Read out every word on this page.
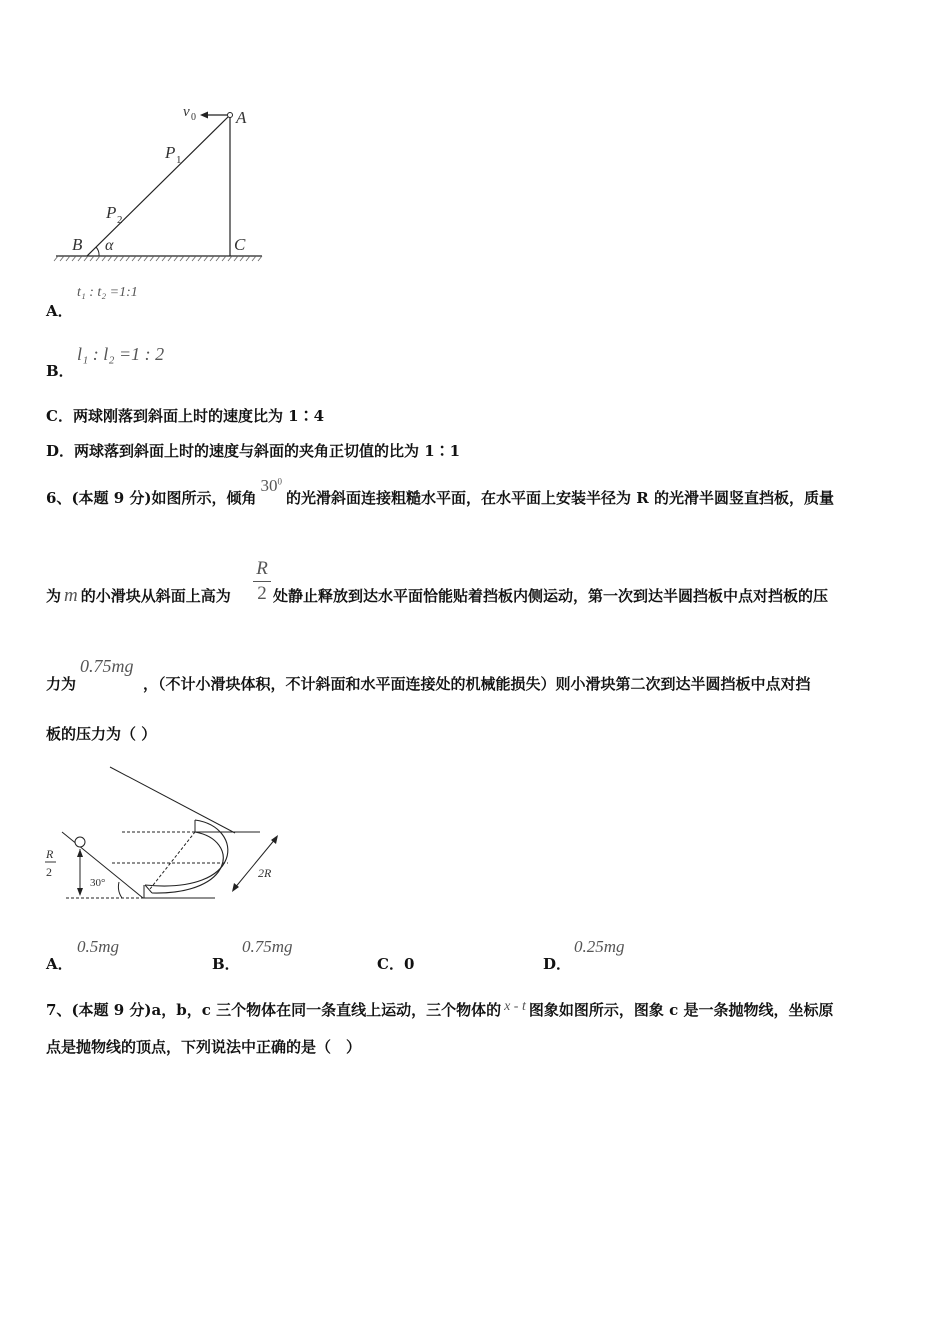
v 0 A
P 1
P 2
B α	C
A．
t₁ : t₂ =1:1
B．
l₁ : l₂ =1 : 2
C．两球刚落到斜面上时的速度比为 1∶4
D．两球落到斜面上时的速度与斜面的夹角正切值的比为 1∶1
6、(本题 9 分)如图所示，倾角$30^0$的光滑斜面连接粗糙水平面，在水平面上安装半径为 R 的光滑半圆竖直挡板，质量
为 m 的小滑块从斜面上高为
R
2 处静止释放到达水平面恰能贴着挡板内侧运动，第一次到达半圆挡板中点对挡板的压
力为
0.75mg
，（不计小滑块体积，不计斜面和水平面连接处的机械能损失）则小滑块第二次到达半圆挡板中点对挡
板的压力为（ ）
R
2
30°
2R
A．
0.5mg
B．
0.75mg
C．0	D．
0.25mg
7、(本题 9 分)a，b，c 三个物体在同一条直线上运动，三个物体的 x - t 图象如图所示，图象 c 是一条抛物线，坐标原
点是抛物线的顶点，下列说法中正确的是（　）
